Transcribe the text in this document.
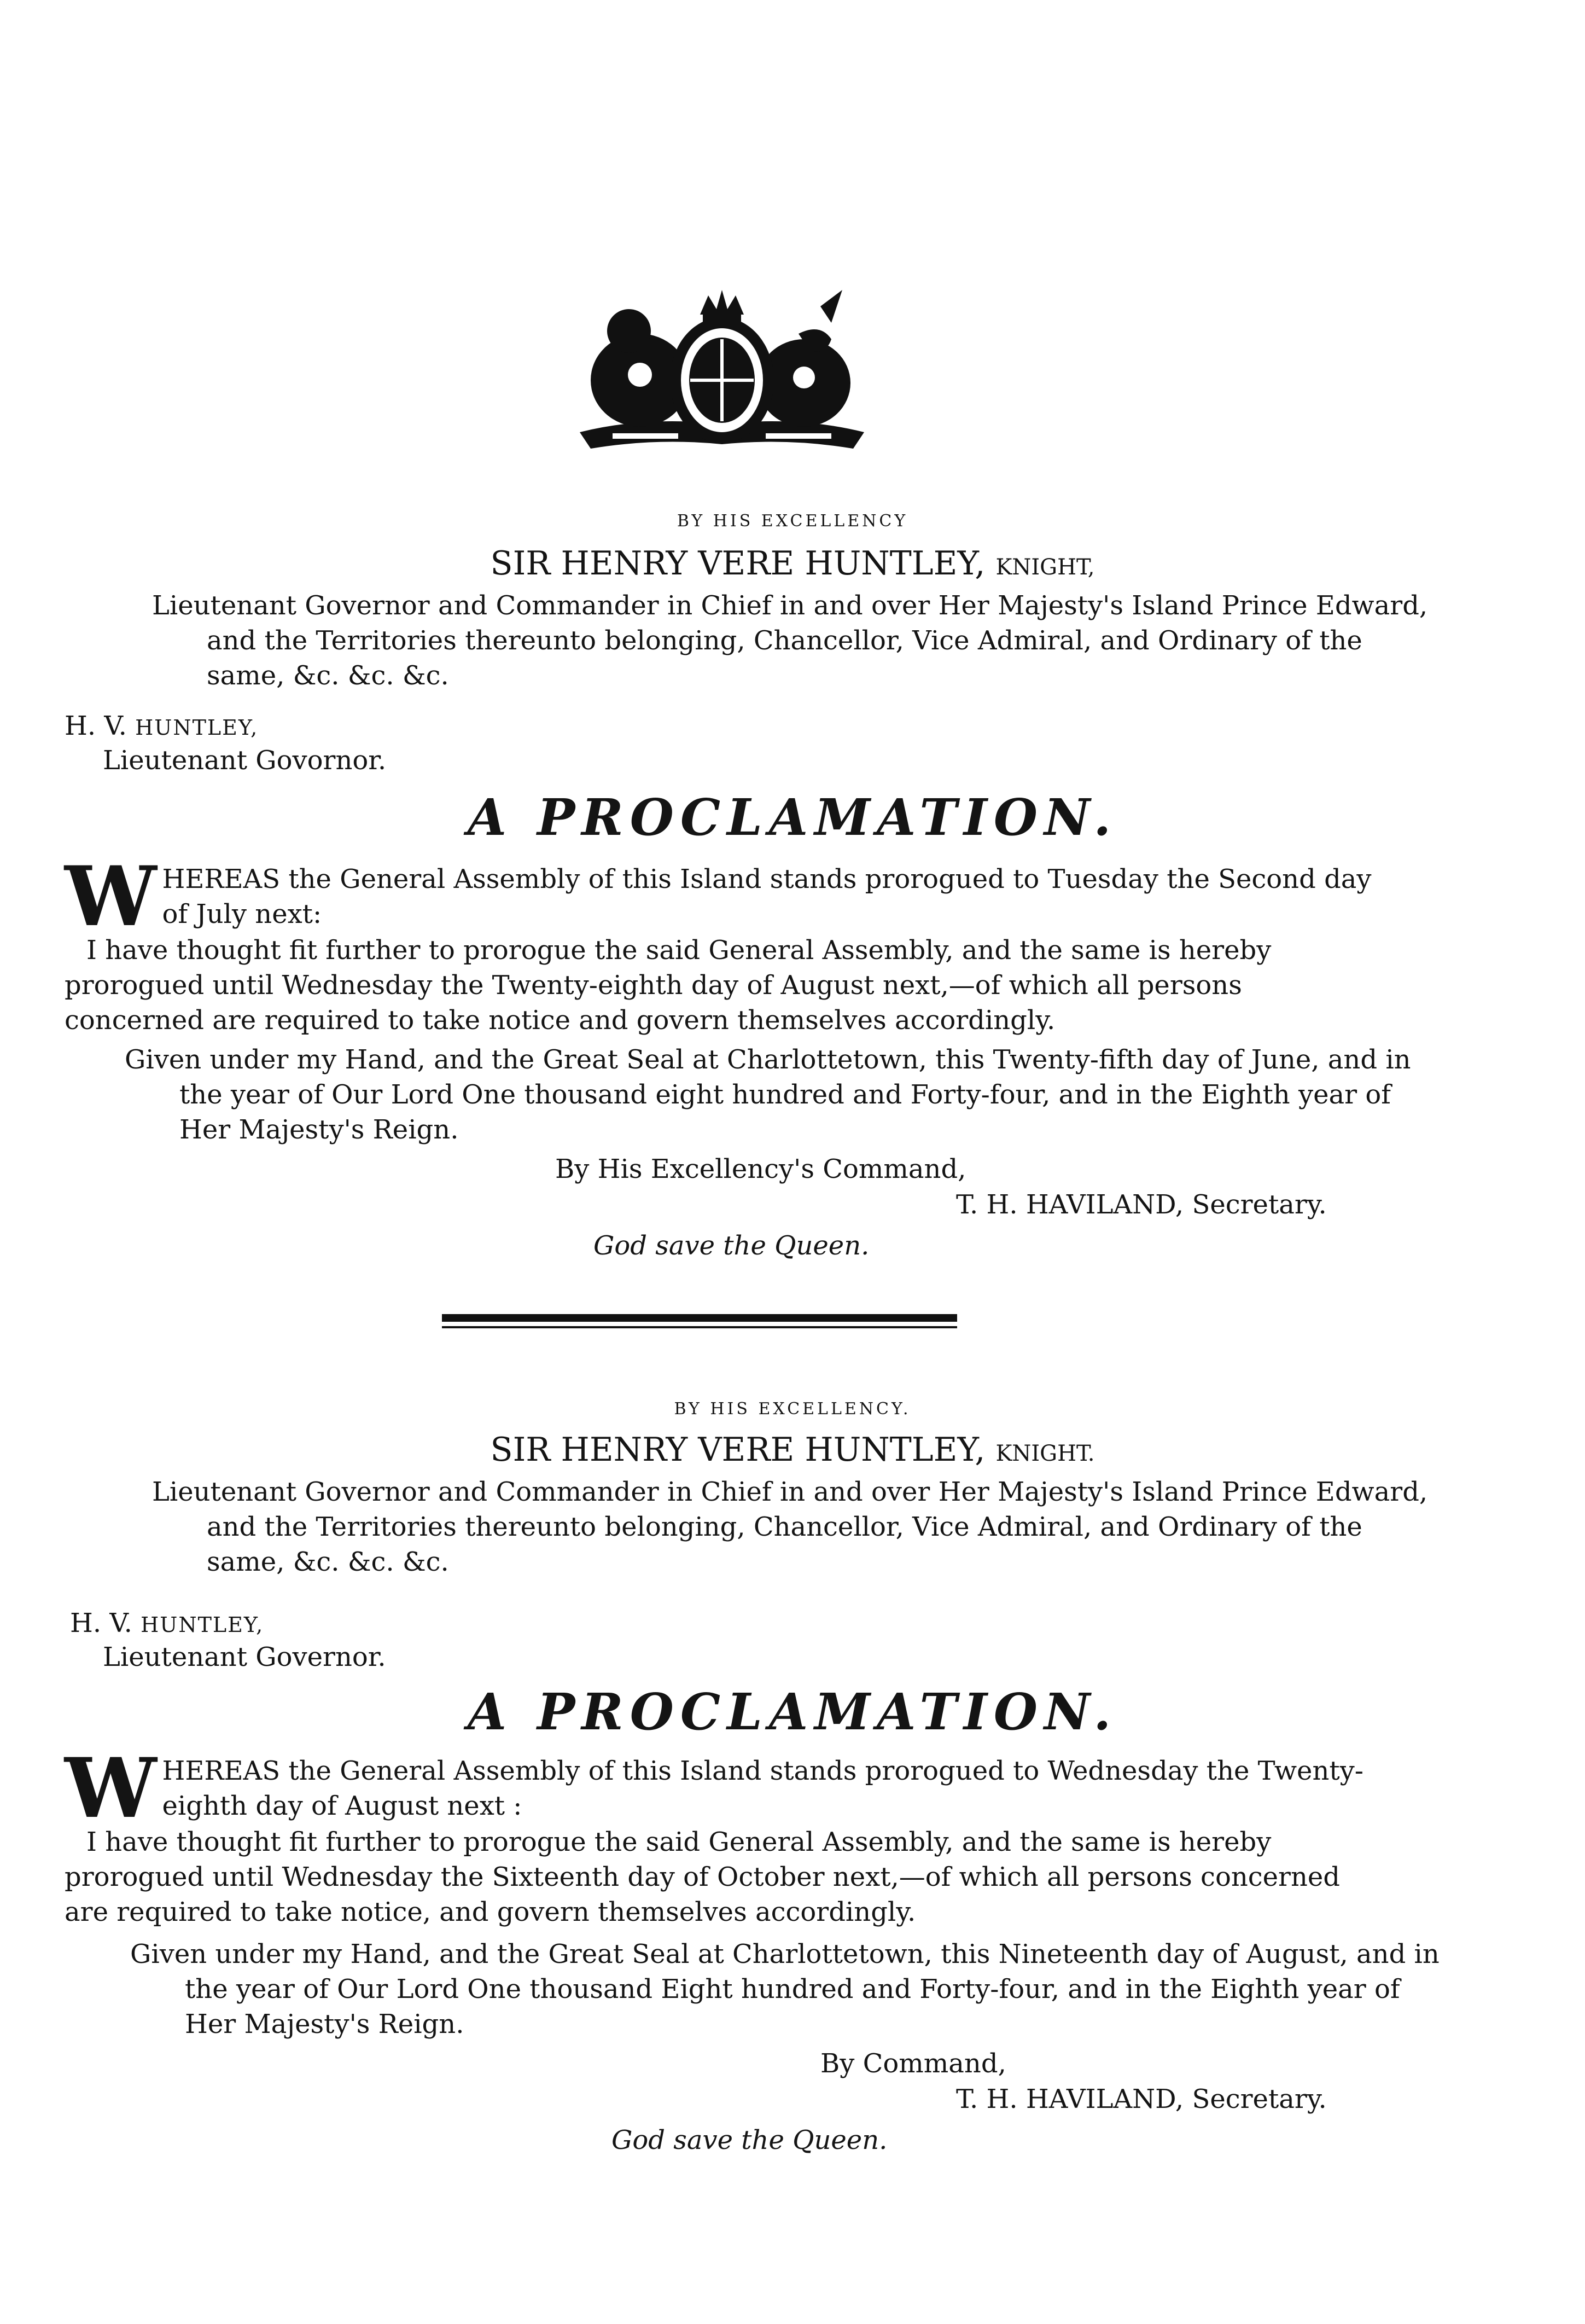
BY HIS EXCELLENCY
SIR HENRY VERE HUNTLEY, KNIGHT,
Lieutenant Governor and Commander in Chief in and over Her Majesty's Island Prince Edward, and the Territories thereunto belonging, Chancellor, Vice Admiral, and Ordinary of the same, &c. &c. &c.
H. V. HUNTLEY,
Lieutenant Govornor.
A PROCLAMATION.
W HEREAS the General Assembly of this Island stands prorogued to Tuesday the Second day of July next:
I have thought fit further to prorogue the said General Assembly, and the same is hereby prorogued until Wednesday the Twenty-eighth day of August next,—of which all persons concerned are required to take notice and govern themselves accordingly.
Given under my Hand, and the Great Seal at Charlottetown, this Twenty-fifth day of June, and in the year of Our Lord One thousand eight hundred and Forty-four, and in the Eighth year of Her Majesty's Reign.
By His Excellency's Command,
T. H. HAVILAND, Secretary.
God save the Queen.
BY HIS EXCELLENCY.
SIR HENRY VERE HUNTLEY, KNIGHT.
Lieutenant Governor and Commander in Chief in and over Her Majesty's Island Prince Edward, and the Territories thereunto belonging, Chancellor, Vice Admiral, and Ordinary of the same, &c. &c. &c.
H. V. HUNTLEY,
Lieutenant Governor.
A PROCLAMATION.
W HEREAS the General Assembly of this Island stands prorogued to Wednesday the Twenty-eighth day of August next :
I have thought fit further to prorogue the said General Assembly, and the same is hereby prorogued until Wednesday the Sixteenth day of October next,—of which all persons concerned are required to take notice, and govern themselves accordingly.
Given under my Hand, and the Great Seal at Charlottetown, this Nineteenth day of August, and in the year of Our Lord One thousand Eight hundred and Forty-four, and in the Eighth year of Her Majesty's Reign.
By Command,
T. H. HAVILAND, Secretary.
God save the Queen.
